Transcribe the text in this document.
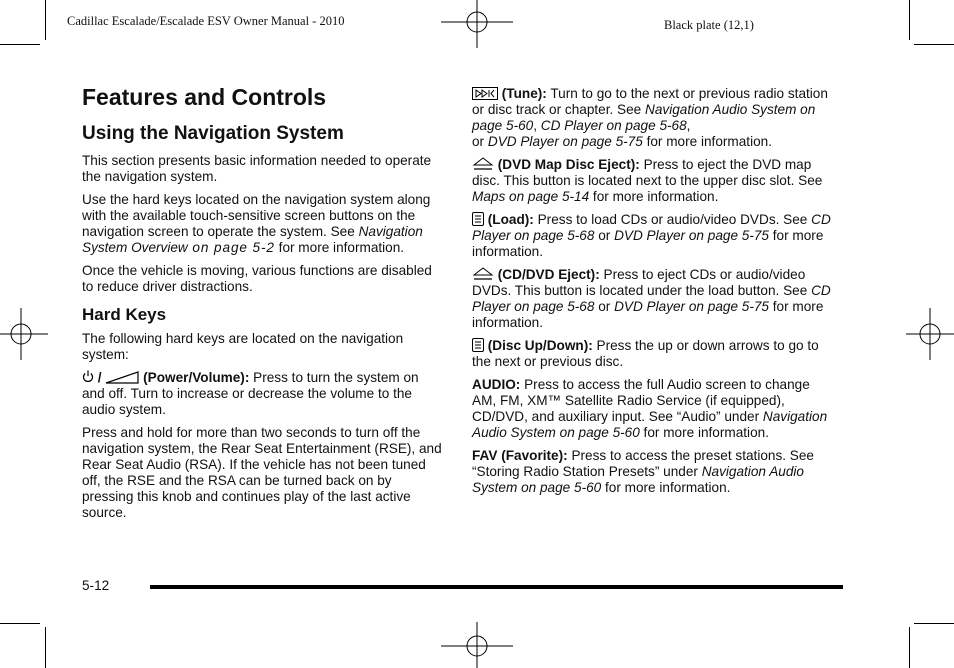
Cadillac Escalade/Escalade ESV Owner Manual - 2010	Black plate (12,1)
Features and Controls
Using the Navigation System

This section presents basic information needed to operate the navigation system.

Use the hard keys located on the navigation system along with the available touch-sensitive screen buttons on the navigation screen to operate the system. See Navigation System Overview on page 5-2 for more information.

Once the vehicle is moving, various functions are disabled to reduce driver distractions.

Hard Keys

The following hard keys are located on the navigation system:

/	(Power/Volume): Press to turn the system on and off. Turn to increase or decrease the volume to the audio system.

Press and hold for more than two seconds to turn off the navigation system, the Rear Seat Entertainment (RSE), and Rear Seat Audio (RSA). If the vehicle has not been tuned off, the RSE and the RSA can be turned back on by pressing this knob and continues play of the last active source.

(Tune): Turn to go to the next or previous radio station or disc track or chapter. See Navigation Audio System on page 5-60, CD Player on page 5-68,
or DVD Player on page 5-75 for more information.

(DVD Map Disc Eject): Press to eject the DVD map disc. This button is located next to the upper disc slot. See Maps on page 5-14 for more information.

(Load): Press to load CDs or audio/video DVDs. See CD Player on page 5-68 or DVD Player on page 5-75 for more information.

(CD/DVD Eject): Press to eject CDs or audio/video DVDs. This button is located under the load button. See CD Player on page 5-68 or DVD Player on page 5-75 for more information.

(Disc Up/Down): Press the up or down arrows to go to the next or previous disc.

AUDIO: Press to access the full Audio screen to change AM, FM, XM™ Satellite Radio Service (if equipped), CD/DVD, and auxiliary input. See “Audio” under Navigation Audio System on page 5-60 for more information.

FAV (Favorite): Press to access the preset stations. See “Storing Radio Station Presets” under Navigation Audio System on page 5-60 for more information.

5-12
